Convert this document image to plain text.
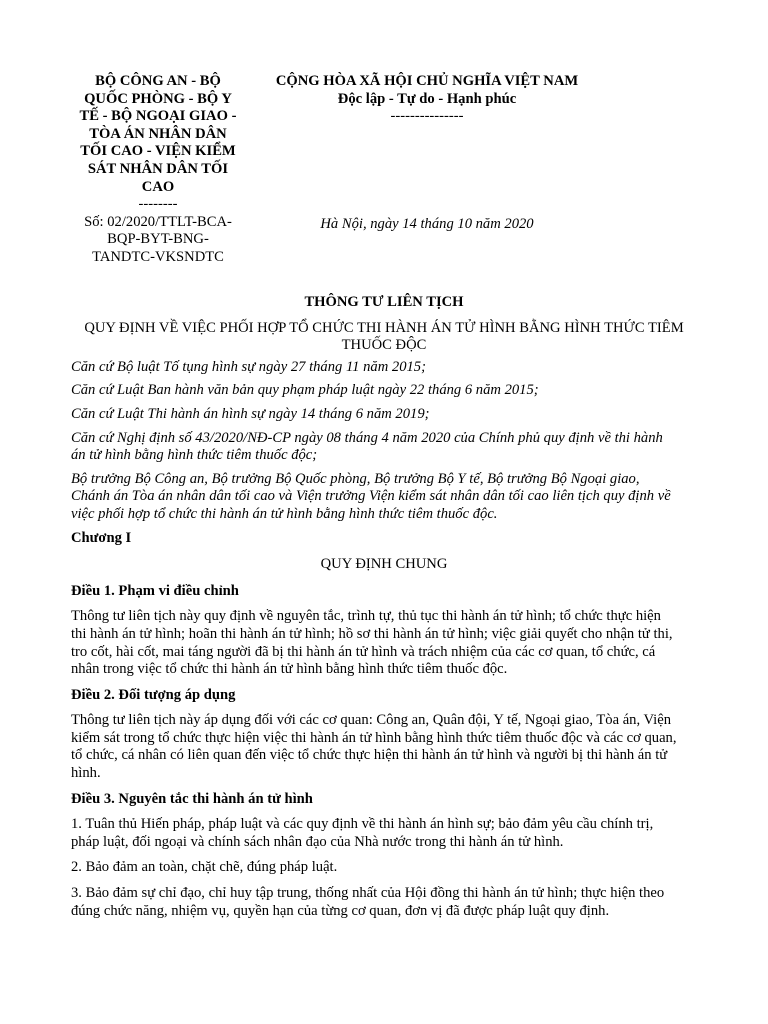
BỘ CÔNG AN - BỘ
QUỐC PHÒNG - BỘ Y
TẾ - BỘ NGOẠI GIAO -
TÒA ÁN NHÂN DÂN
TỐI CAO - VIỆN KIỂM
SÁT NHÂN DÂN TỐI
CAO
--------
Số: 02/2020/TTLT-BCA-
BQP-BYT-BNG-
TANDTC-VKSNDTC
CỘNG HÒA XÃ HỘI CHỦ NGHĨA VIỆT NAM
Độc lập - Tự do - Hạnh phúc
---------------
Hà Nội, ngày 14 tháng 10 năm 2020

THÔNG TƯ LIÊN TỊCH

QUY ĐỊNH VỀ VIỆC PHỐI HỢP TỔ CHỨC THI HÀNH ÁN TỬ HÌNH BẰNG HÌNH THỨC TIÊM
THUỐC ĐỘC
Căn cứ Bộ luật Tố tụng hình sự ngày 27 tháng 11 năm 2015;
Căn cứ Luật Ban hành văn bản quy phạm pháp luật ngày 22 tháng 6 năm 2015;
Căn cứ Luật Thi hành án hình sự ngày 14 tháng 6 năm 2019;
Căn cứ Nghị định số 43/2020/NĐ-CP ngày 08 tháng 4 năm 2020 của Chính phủ quy định về thi hành
án tử hình bằng hình thức tiêm thuốc độc;
Bộ trưởng Bộ Công an, Bộ trưởng Bộ Quốc phòng, Bộ trưởng Bộ Y tế, Bộ trưởng Bộ Ngoại giao,
Chánh án Tòa án nhân dân tối cao và Viện trưởng Viện kiểm sát nhân dân tối cao liên tịch quy định về
việc phối hợp tổ chức thi hành án tử hình bằng hình thức tiêm thuốc độc.

Chương I

QUY ĐỊNH CHUNG

Điều 1. Phạm vi điều chỉnh

Thông tư liên tịch này quy định về nguyên tắc, trình tự, thủ tục thi hành án tử hình; tổ chức thực hiện
thi hành án tử hình; hoãn thi hành án tử hình; hồ sơ thi hành án tử hình; việc giải quyết cho nhận tử thi,
tro cốt, hài cốt, mai táng người đã bị thi hành án tử hình và trách nhiệm của các cơ quan, tổ chức, cá
nhân trong việc tổ chức thi hành án tử hình bằng hình thức tiêm thuốc độc.

Điều 2. Đối tượng áp dụng

Thông tư liên tịch này áp dụng đối với các cơ quan: Công an, Quân đội, Y tế, Ngoại giao, Tòa án, Viện
kiểm sát trong tổ chức thực hiện việc thi hành án tử hình bằng hình thức tiêm thuốc độc và các cơ quan,
tổ chức, cá nhân có liên quan đến việc tổ chức thực hiện thi hành án tử hình và người bị thi hành án tử
hình.

Điều 3. Nguyên tắc thi hành án tử hình

1. Tuân thủ Hiến pháp, pháp luật và các quy định về thi hành án hình sự; bảo đảm yêu cầu chính trị,
pháp luật, đối ngoại và chính sách nhân đạo của Nhà nước trong thi hành án tử hình.
2. Bảo đảm an toàn, chặt chẽ, đúng pháp luật.
3. Bảo đảm sự chỉ đạo, chỉ huy tập trung, thống nhất của Hội đồng thi hành án tử hình; thực hiện theo
đúng chức năng, nhiệm vụ, quyền hạn của từng cơ quan, đơn vị đã được pháp luật quy định.
